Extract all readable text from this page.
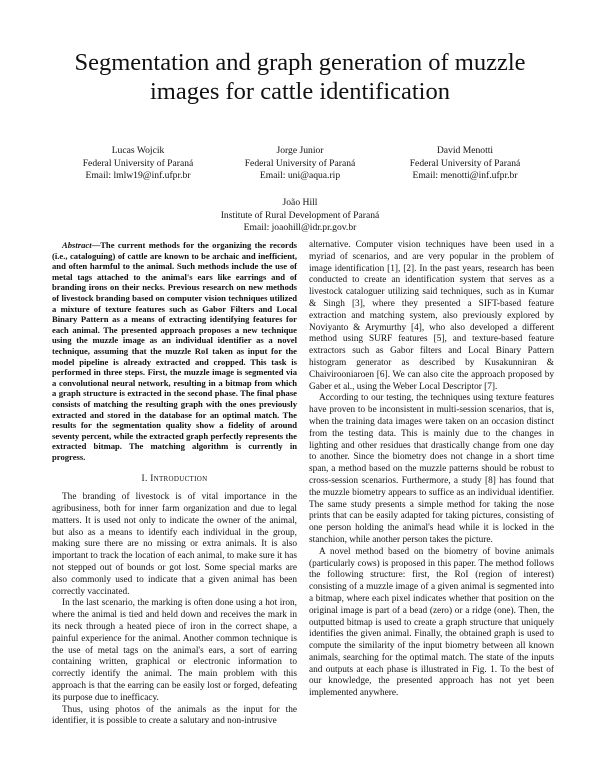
Segmentation and graph generation of muzzle images for cattle identification
Lucas Wojcik
Federal University of Paraná
Email: lmlw19@inf.ufpr.br
Jorge Junior
Federal University of Paraná
Email: uni@aqua.rip
David Menotti
Federal University of Paraná
Email: menotti@inf.ufpr.br
João Hill
Institute of Rural Development of Paraná
Email: joaohill@idr.pr.gov.br

Abstract—The current methods for the organizing the records (i.e., cataloguing) of cattle are known to be archaic and inefficient, and often harmful to the animal. Such methods include the use of metal tags attached to the animal's ears like earrings and of branding irons on their necks. Previous research on new methods of livestock branding based on computer vision techniques utilized a mixture of texture features such as Gabor Filters and Local Binary Pattern as a means of extracting identifying features for each animal. The presented approach proposes a new technique using the muzzle image as an individual identifier as a novel technique, assuming that the muzzle RoI taken as input for the model pipeline is already extracted and cropped. This task is performed in three steps. First, the muzzle image is segmented via a convolutional neural network, resulting in a bitmap from which a graph structure is extracted in the second phase. The final phase consists of matching the resulting graph with the ones previously extracted and stored in the database for an optimal match. The results for the segmentation quality show a fidelity of around seventy percent, while the extracted graph perfectly represents the extracted bitmap. The matching algorithm is currently in progress.

I. Introduction

The branding of livestock is of vital importance in the agribusiness, both for inner farm organization and due to legal matters. It is used not only to indicate the owner of the animal, but also as a means to identify each individual in the group, making sure there are no missing or extra animals. It is also important to track the location of each animal, to make sure it has not stepped out of bounds or got lost. Some special marks are also commonly used to indicate that a given animal has been correctly vaccinated.

In the last scenario, the marking is often done using a hot iron, where the animal is tied and held down and receives the mark in its neck through a heated piece of iron in the correct shape, a painful experience for the animal. Another common technique is the use of metal tags on the animal's ears, a sort of earring containing written, graphical or electronic information to correctly identify the animal. The main problem with this approach is that the earring can be easily lost or forged, defeating its purpose due to inefficacy.

Thus, using photos of the animals as the input for the identifier, it is possible to create a salutary and non-intrusive

alternative. Computer vision techniques have been used in a myriad of scenarios, and are very popular in the problem of image identification [1], [2]. In the past years, research has been conducted to create an identification system that serves as a livestock cataloguer utilizing said techniques, such as in Kumar & Singh [3], where they presented a SIFT-based feature extraction and matching system, also previously explored by Noviyanto & Arymurthy [4], who also developed a different method using SURF features [5], and texture-based feature extractors such as Gabor filters and Local Binary Pattern histogram generator as described by Kusakunniran & Chaivirooniaroen [6]. We can also cite the approach proposed by Gaber et al., using the Weber Local Descriptor [7].

According to our testing, the techniques using texture features have proven to be inconsistent in multi-session scenarios, that is, when the training data images were taken on an occasion distinct from the testing data. This is mainly due to the changes in lighting and other residues that drastically change from one day to another. Since the biometry does not change in a short time span, a method based on the muzzle patterns should be robust to cross-session scenarios. Furthermore, a study [8] has found that the muzzle biometry appears to suffice as an individual identifier. The same study presents a simple method for taking the nose prints that can be easily adapted for taking pictures, consisting of one person holding the animal's head while it is locked in the stanchion, while another person takes the picture.

A novel method based on the biometry of bovine animals (particularly cows) is proposed in this paper. The method follows the following structure: first, the RoI (region of interest) consisting of a muzzle image of a given animal is segmented into a bitmap, where each pixel indicates whether that position on the original image is part of a bead (zero) or a ridge (one). Then, the outputted bitmap is used to create a graph structure that uniquely identifies the given animal. Finally, the obtained graph is used to compute the similarity of the input biometry between all known animals, searching for the optimal match. The state of the inputs and outputs at each phase is illustrated in Fig. 1. To the best of our knowledge, the presented approach has not yet been implemented anywhere.
